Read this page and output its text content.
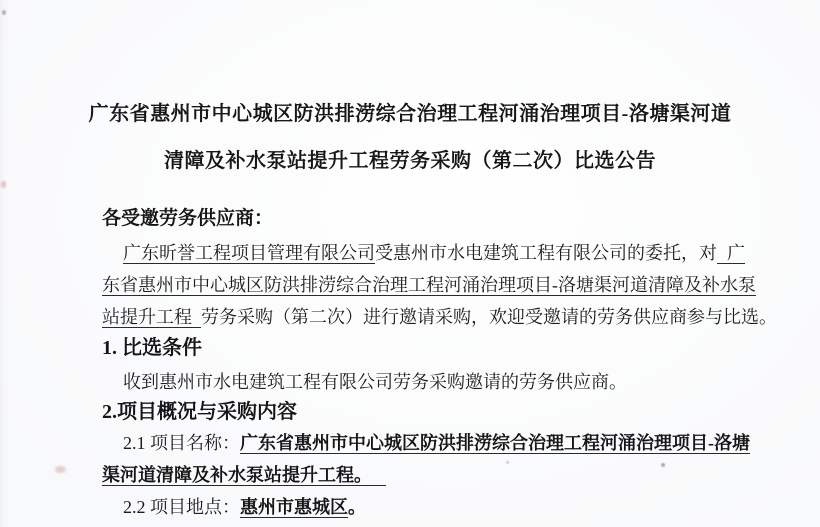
广东省惠州市中心城区防洪排涝综合治理工程河涌治理项目-洛塘渠河道
清障及补水泵站提升工程劳务采购（第二次）比选公告
各受邀劳务供应商：
广东昕誉工程项目管理有限公司受惠州市水电建筑工程有限公司的委托，对 广
东省惠州市中心城区防洪排涝综合治理工程河涌治理项目-洛塘渠河道清障及补水泵
站提升工程 劳务采购（第二次）进行邀请采购，欢迎受邀请的劳务供应商参与比选。
1. 比选条件
收到惠州市水电建筑工程有限公司劳务采购邀请的劳务供应商。
2.项目概况与采购内容
2.1 项目名称：广东省惠州市中心城区防洪排涝综合治理工程河涌治理项目-洛塘
渠河道清障及补水泵站提升工程。
2.2 项目地点：惠州市惠城区。
